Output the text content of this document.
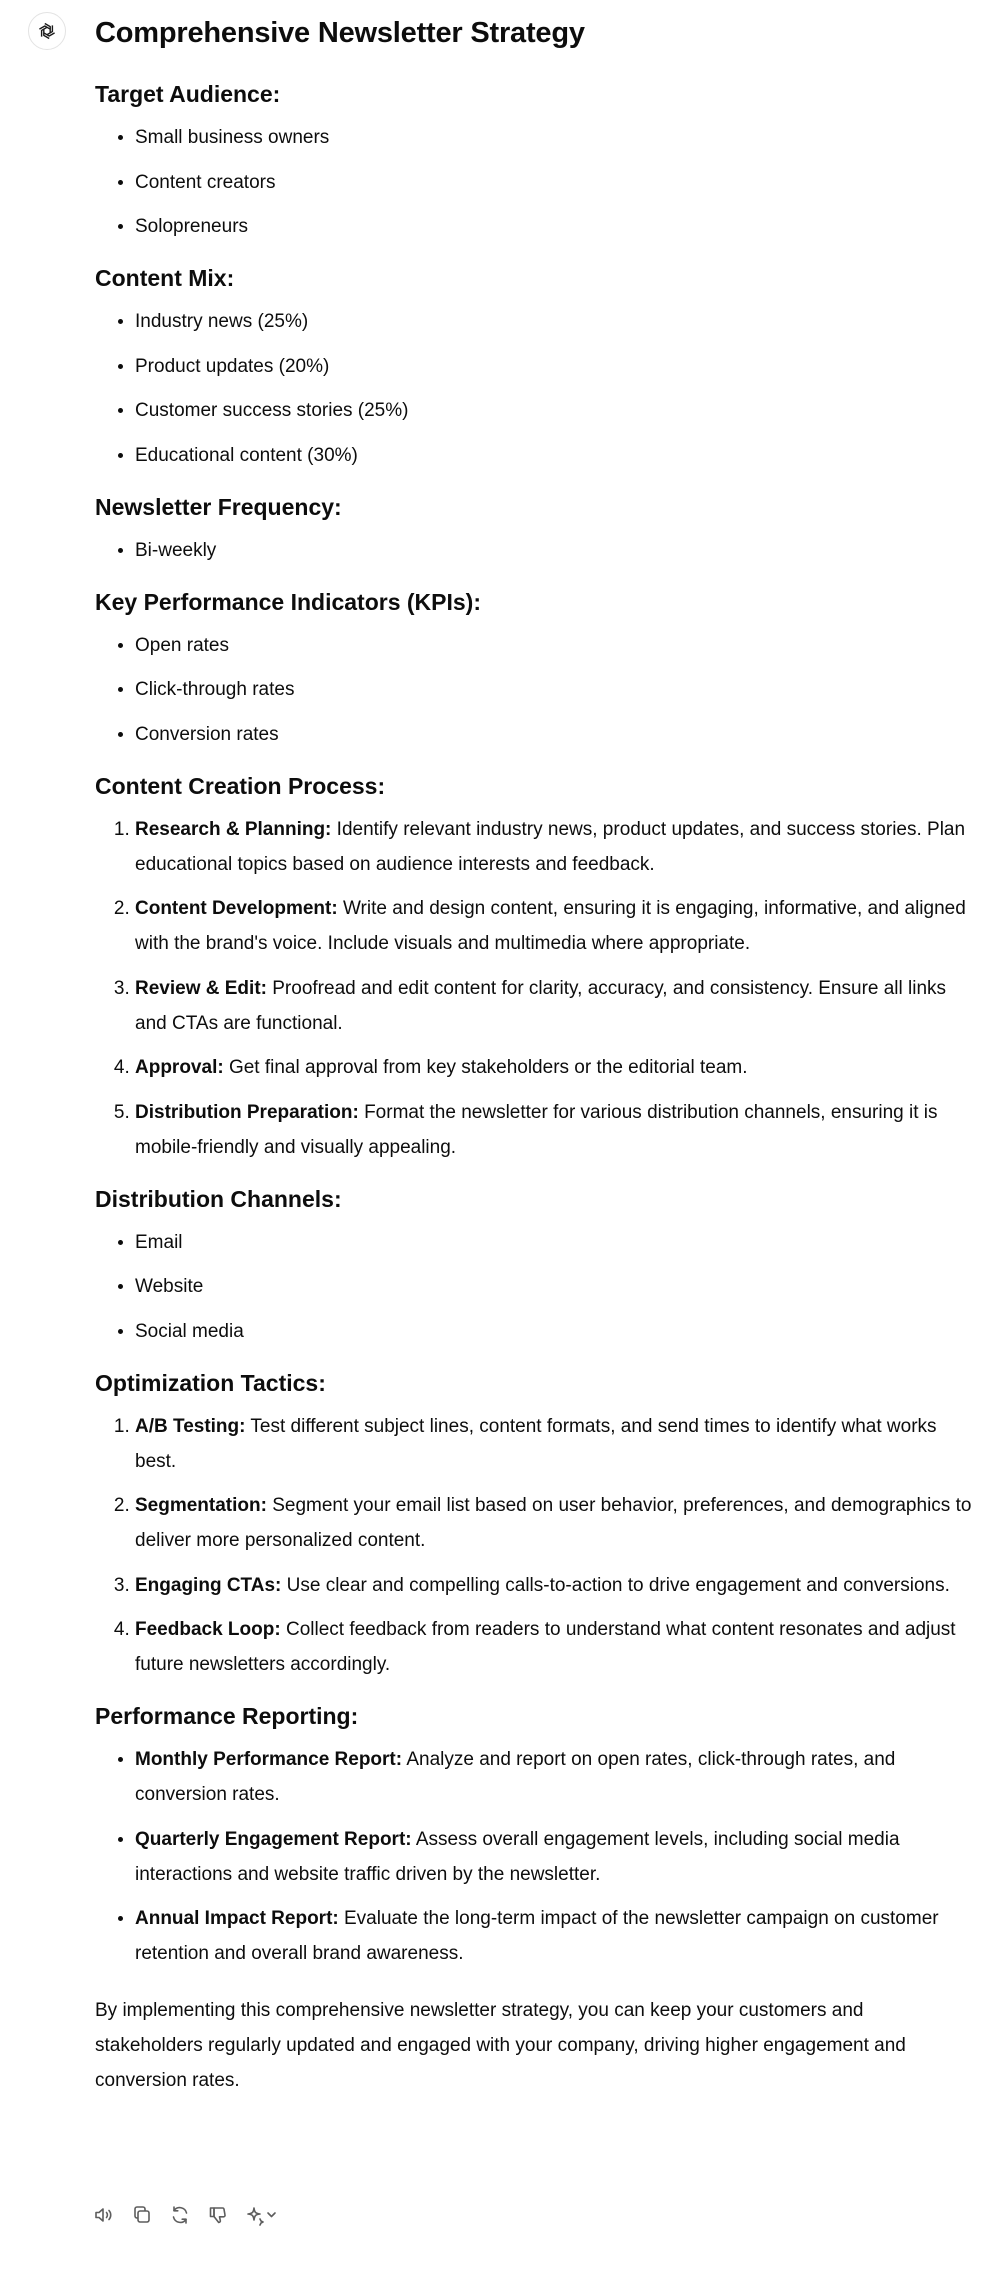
Comprehensive Newsletter Strategy
Target Audience:
• Small business owners
• Content creators
• Solopreneurs
Content Mix:
• Industry news (25%)
• Product updates (20%)
• Customer success stories (25%)
• Educational content (30%)
Newsletter Frequency:
• Bi-weekly
Key Performance Indicators (KPIs):
• Open rates
• Click-through rates
• Conversion rates
Content Creation Process:
1. Research & Planning: Identify relevant industry news, product updates, and success stories. Plan educational topics based on audience interests and feedback.
2. Content Development: Write and design content, ensuring it is engaging, informative, and aligned with the brand's voice. Include visuals and multimedia where appropriate.
3. Review & Edit: Proofread and edit content for clarity, accuracy, and consistency. Ensure all links and CTAs are functional.
4. Approval: Get final approval from key stakeholders or the editorial team.
5. Distribution Preparation: Format the newsletter for various distribution channels, ensuring it is mobile-friendly and visually appealing.
Distribution Channels:
• Email
• Website
• Social media
Optimization Tactics:
1. A/B Testing: Test different subject lines, content formats, and send times to identify what works best.
2. Segmentation: Segment your email list based on user behavior, preferences, and demographics to deliver more personalized content.
3. Engaging CTAs: Use clear and compelling calls-to-action to drive engagement and conversions.
4. Feedback Loop: Collect feedback from readers to understand what content resonates and adjust future newsletters accordingly.
Performance Reporting:
• Monthly Performance Report: Analyze and report on open rates, click-through rates, and conversion rates.
• Quarterly Engagement Report: Assess overall engagement levels, including social media interactions and website traffic driven by the newsletter.
• Annual Impact Report: Evaluate the long-term impact of the newsletter campaign on customer retention and overall brand awareness.

By implementing this comprehensive newsletter strategy, you can keep your customers and stakeholders regularly updated and engaged with your company, driving higher engagement and conversion rates.
